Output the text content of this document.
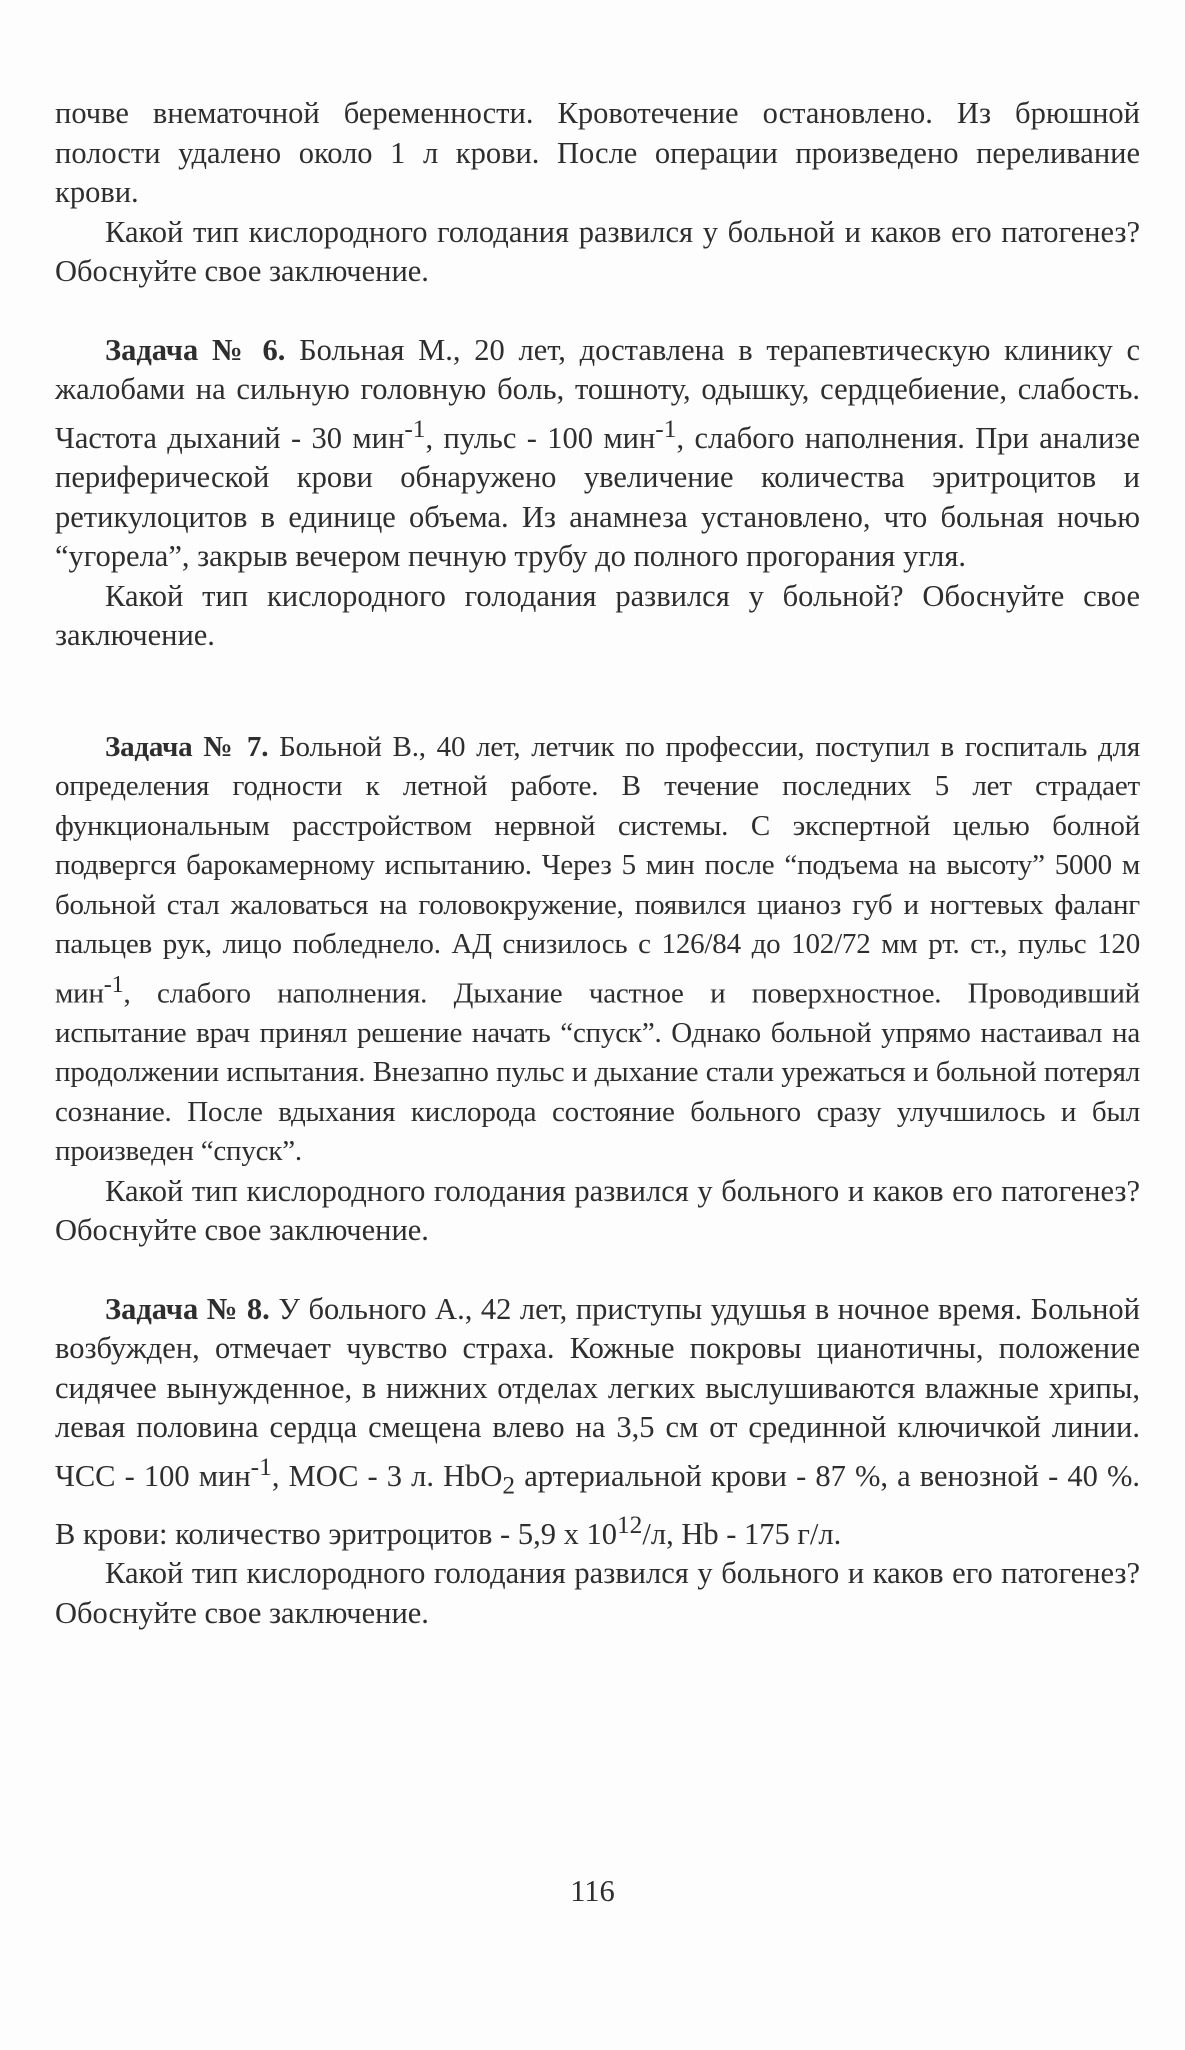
почве внематочной беременности. Кровотечение остановлено. Из брюшной полости удалено около 1 л крови. После операции произведено переливание крови.

Какой тип кислородного голодания развился у больной и каков его патогенез? Обоснуйте свое заключение.

Задача № 6. Больная М., 20 лет, доставлена в терапевтическую клинику с жалобами на сильную головную боль, тошноту, одышку, сердцебиение, слабость. Частота дыханий - 30 мин$^{-1}$, пульс - 100 мин$^{-1}$, слабого наполнения. При анализе периферической крови обнаружено увеличение количества эритроцитов и ретикулоцитов в единице объема. Из анамнеза установлено, что больная ночью “угорела”, закрыв вечером печную трубу до полного прогорания угля.

Какой тип кислородного голодания развился у больной? Обоснуйте свое заключение.

Задача № 7. Больной В., 40 лет, летчик по профессии, поступил в госпиталь для определения годности к летной работе. В течение последних 5 лет страдает функциональным расстройством нервной системы. С экспертной целью болной подвергся барокамерному испытанию. Через 5 мин после “подъема на высоту” 5000 м больной стал жаловаться на головокружение, появился цианоз губ и ногтевых фаланг пальцев рук, лицо побледнело. АД снизилось с 126/84 до 102/72 мм рт. ст., пульс 120 мин$^{-1}$, слабого наполнения. Дыхание частное и поверхностное. Проводивший испытание врач принял решение начать “спуск”. Однако больной упрямо настаивал на продолжении испытания. Внезапно пульс и дыхание стали урежаться и больной потерял сознание. После вдыхания кислорода состояние больного сразу улучшилось и был произведен “спуск”.

Какой тип кислородного голодания развился у больного и каков его патогенез? Обоснуйте свое заключение.

Задача № 8. У больного А., 42 лет, приступы удушья в ночное время. Больной возбужден, отмечает чувство страха. Кожные покровы цианотичны, положение сидячее вынужденное, в нижних отделах легких выслушиваются влажные хрипы, левая половина сердца смещена влево на 3,5 см от срединной ключичкой линии. ЧСС - 100 мин$^{-1}$, МОС - 3 л. HbO$_2$ артериальной крови - 87 %, а венозной - 40 %. В крови: количество эритроцитов - 5,9 х $10^{12}/л$, Hb - 175 г/л.

Какой тип кислородного голодания развился у больного и каков его патогенез? Обоснуйте свое заключение.

116
